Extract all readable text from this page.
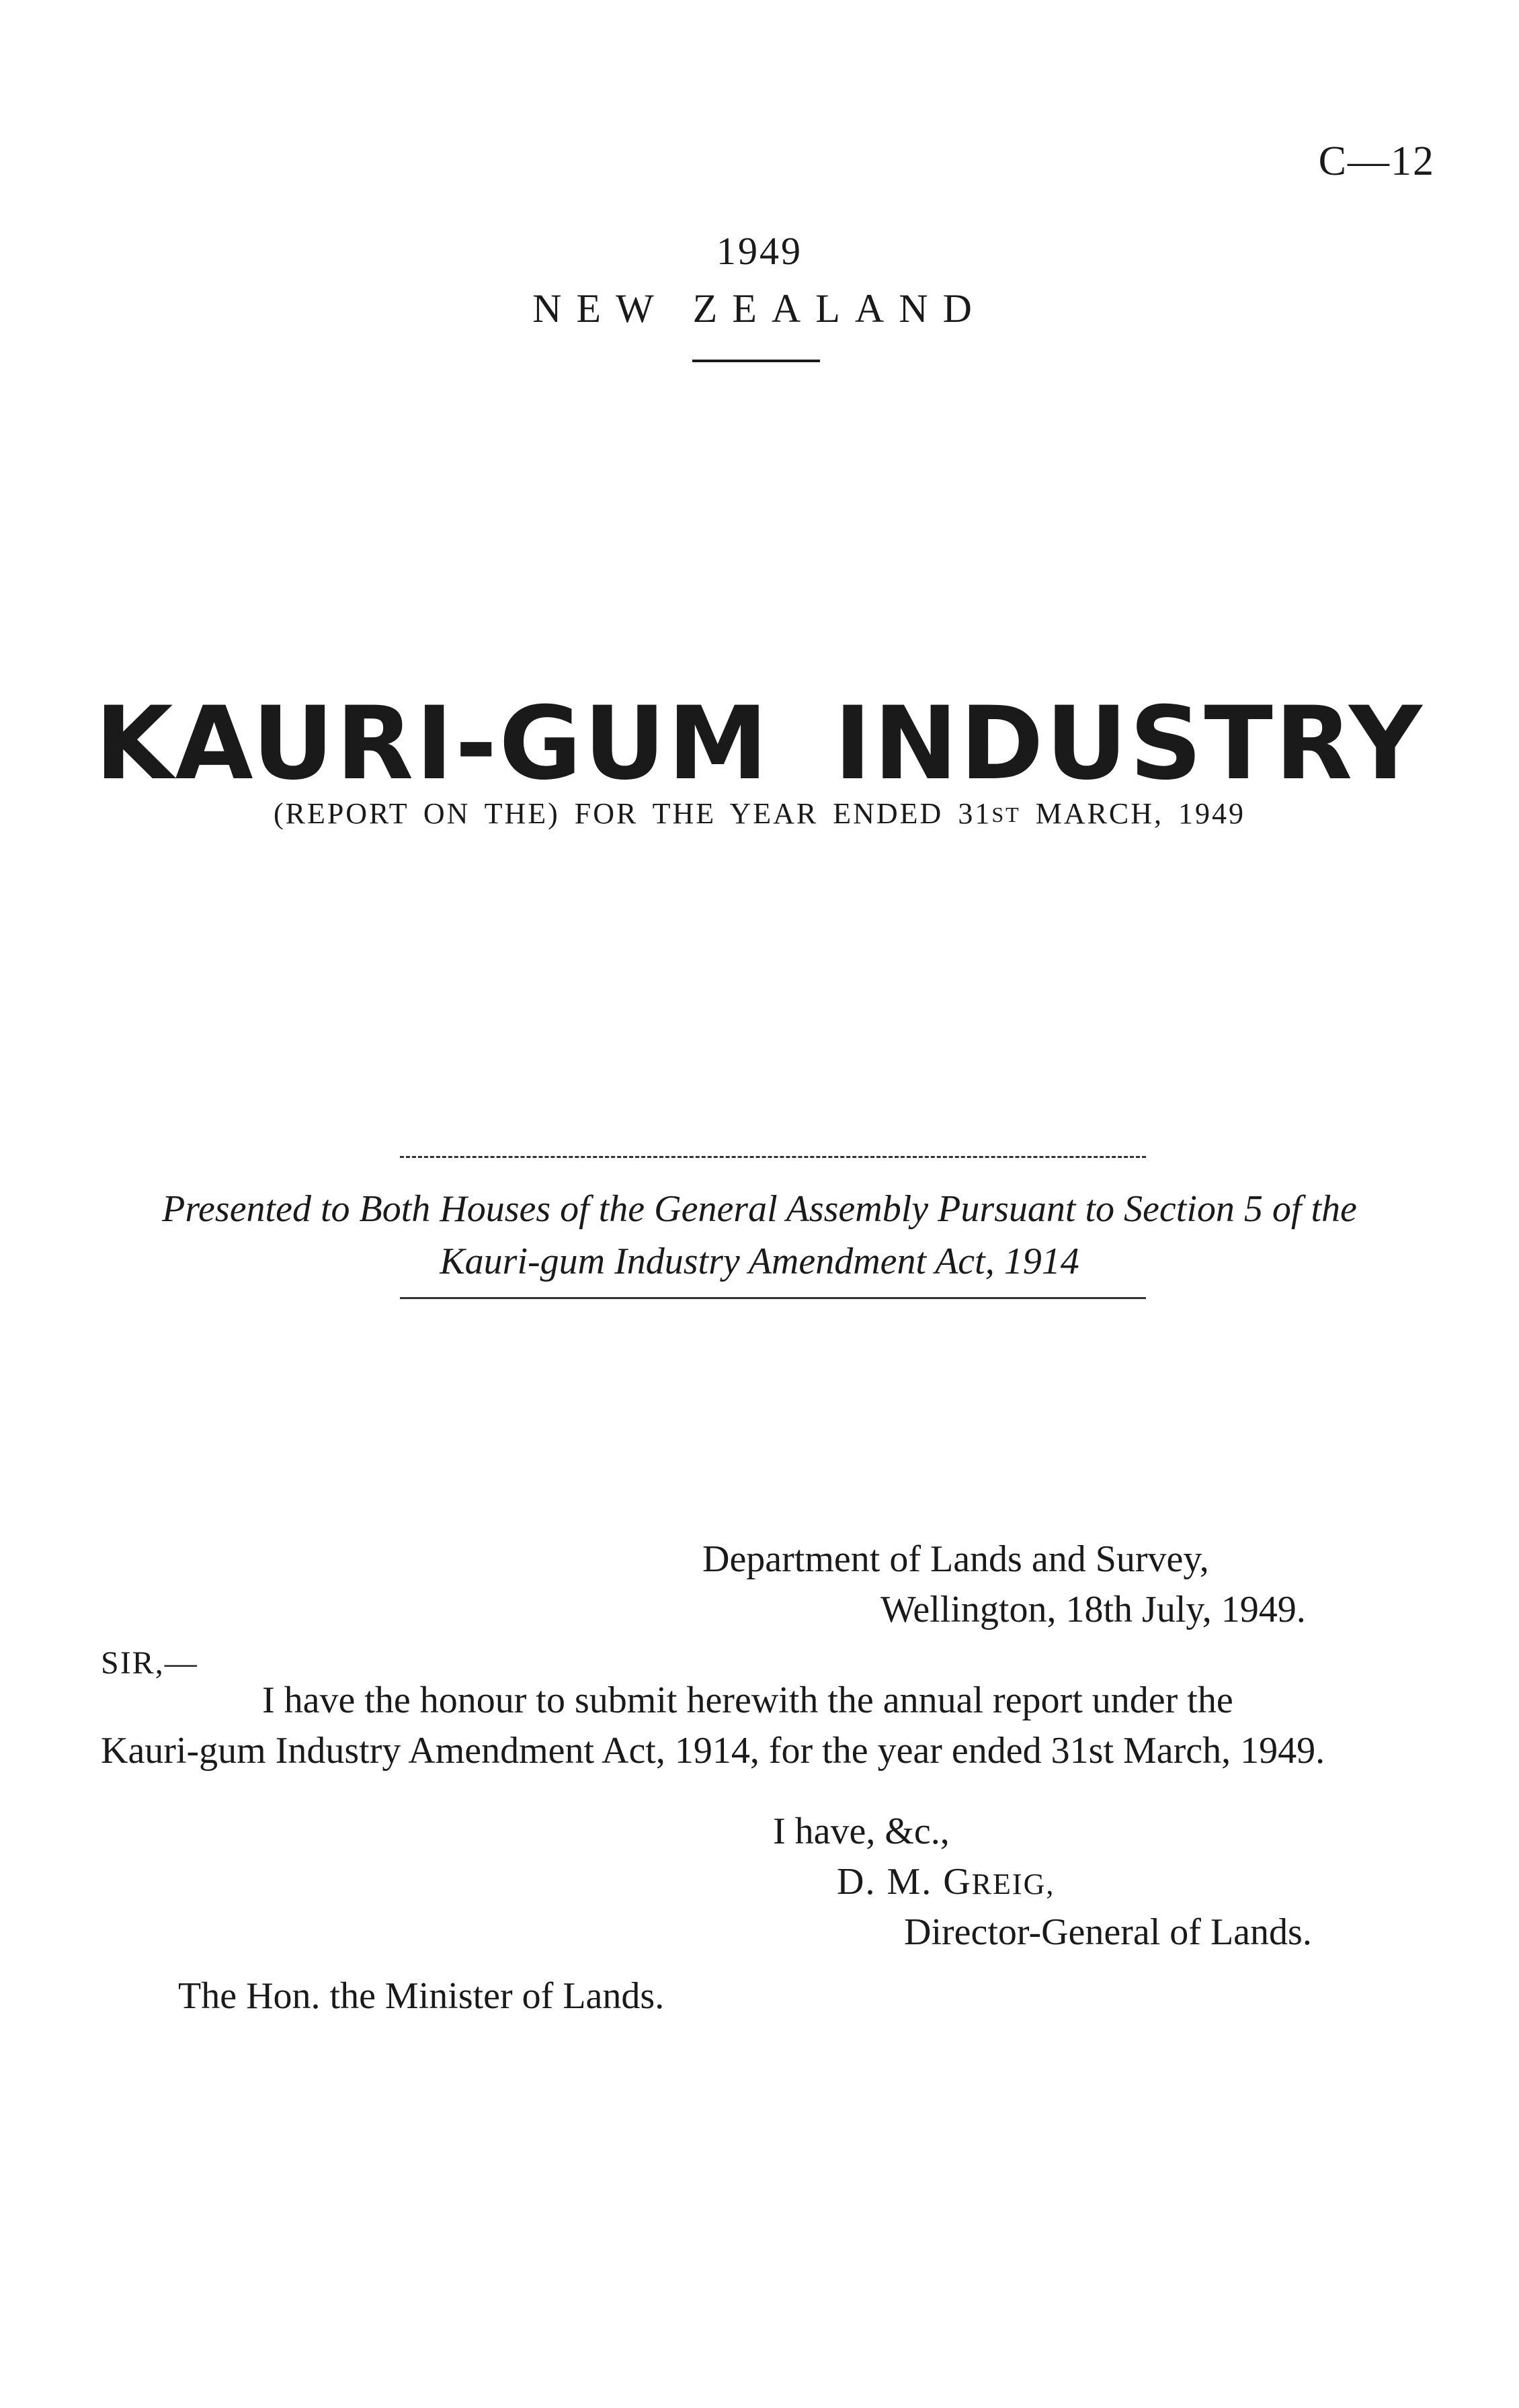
C—12
1949
NEW ZEALAND
KAURI-GUM INDUSTRY
(REPORT ON THE) FOR THE YEAR ENDED 31ST MARCH, 1949
Presented to Both Houses of the General Assembly Pursuant to Section 5 of the
Kauri-gum Industry Amendment Act, 1914
Department of Lands and Survey,
Wellington, 18th July, 1949.
SIR,—
I have the honour to submit herewith the annual report under the
Kauri-gum Industry Amendment Act, 1914, for the year ended 31st March, 1949.
I have, &c.,
D. M. GREIG,
Director-General of Lands.
The Hon. the Minister of Lands.
